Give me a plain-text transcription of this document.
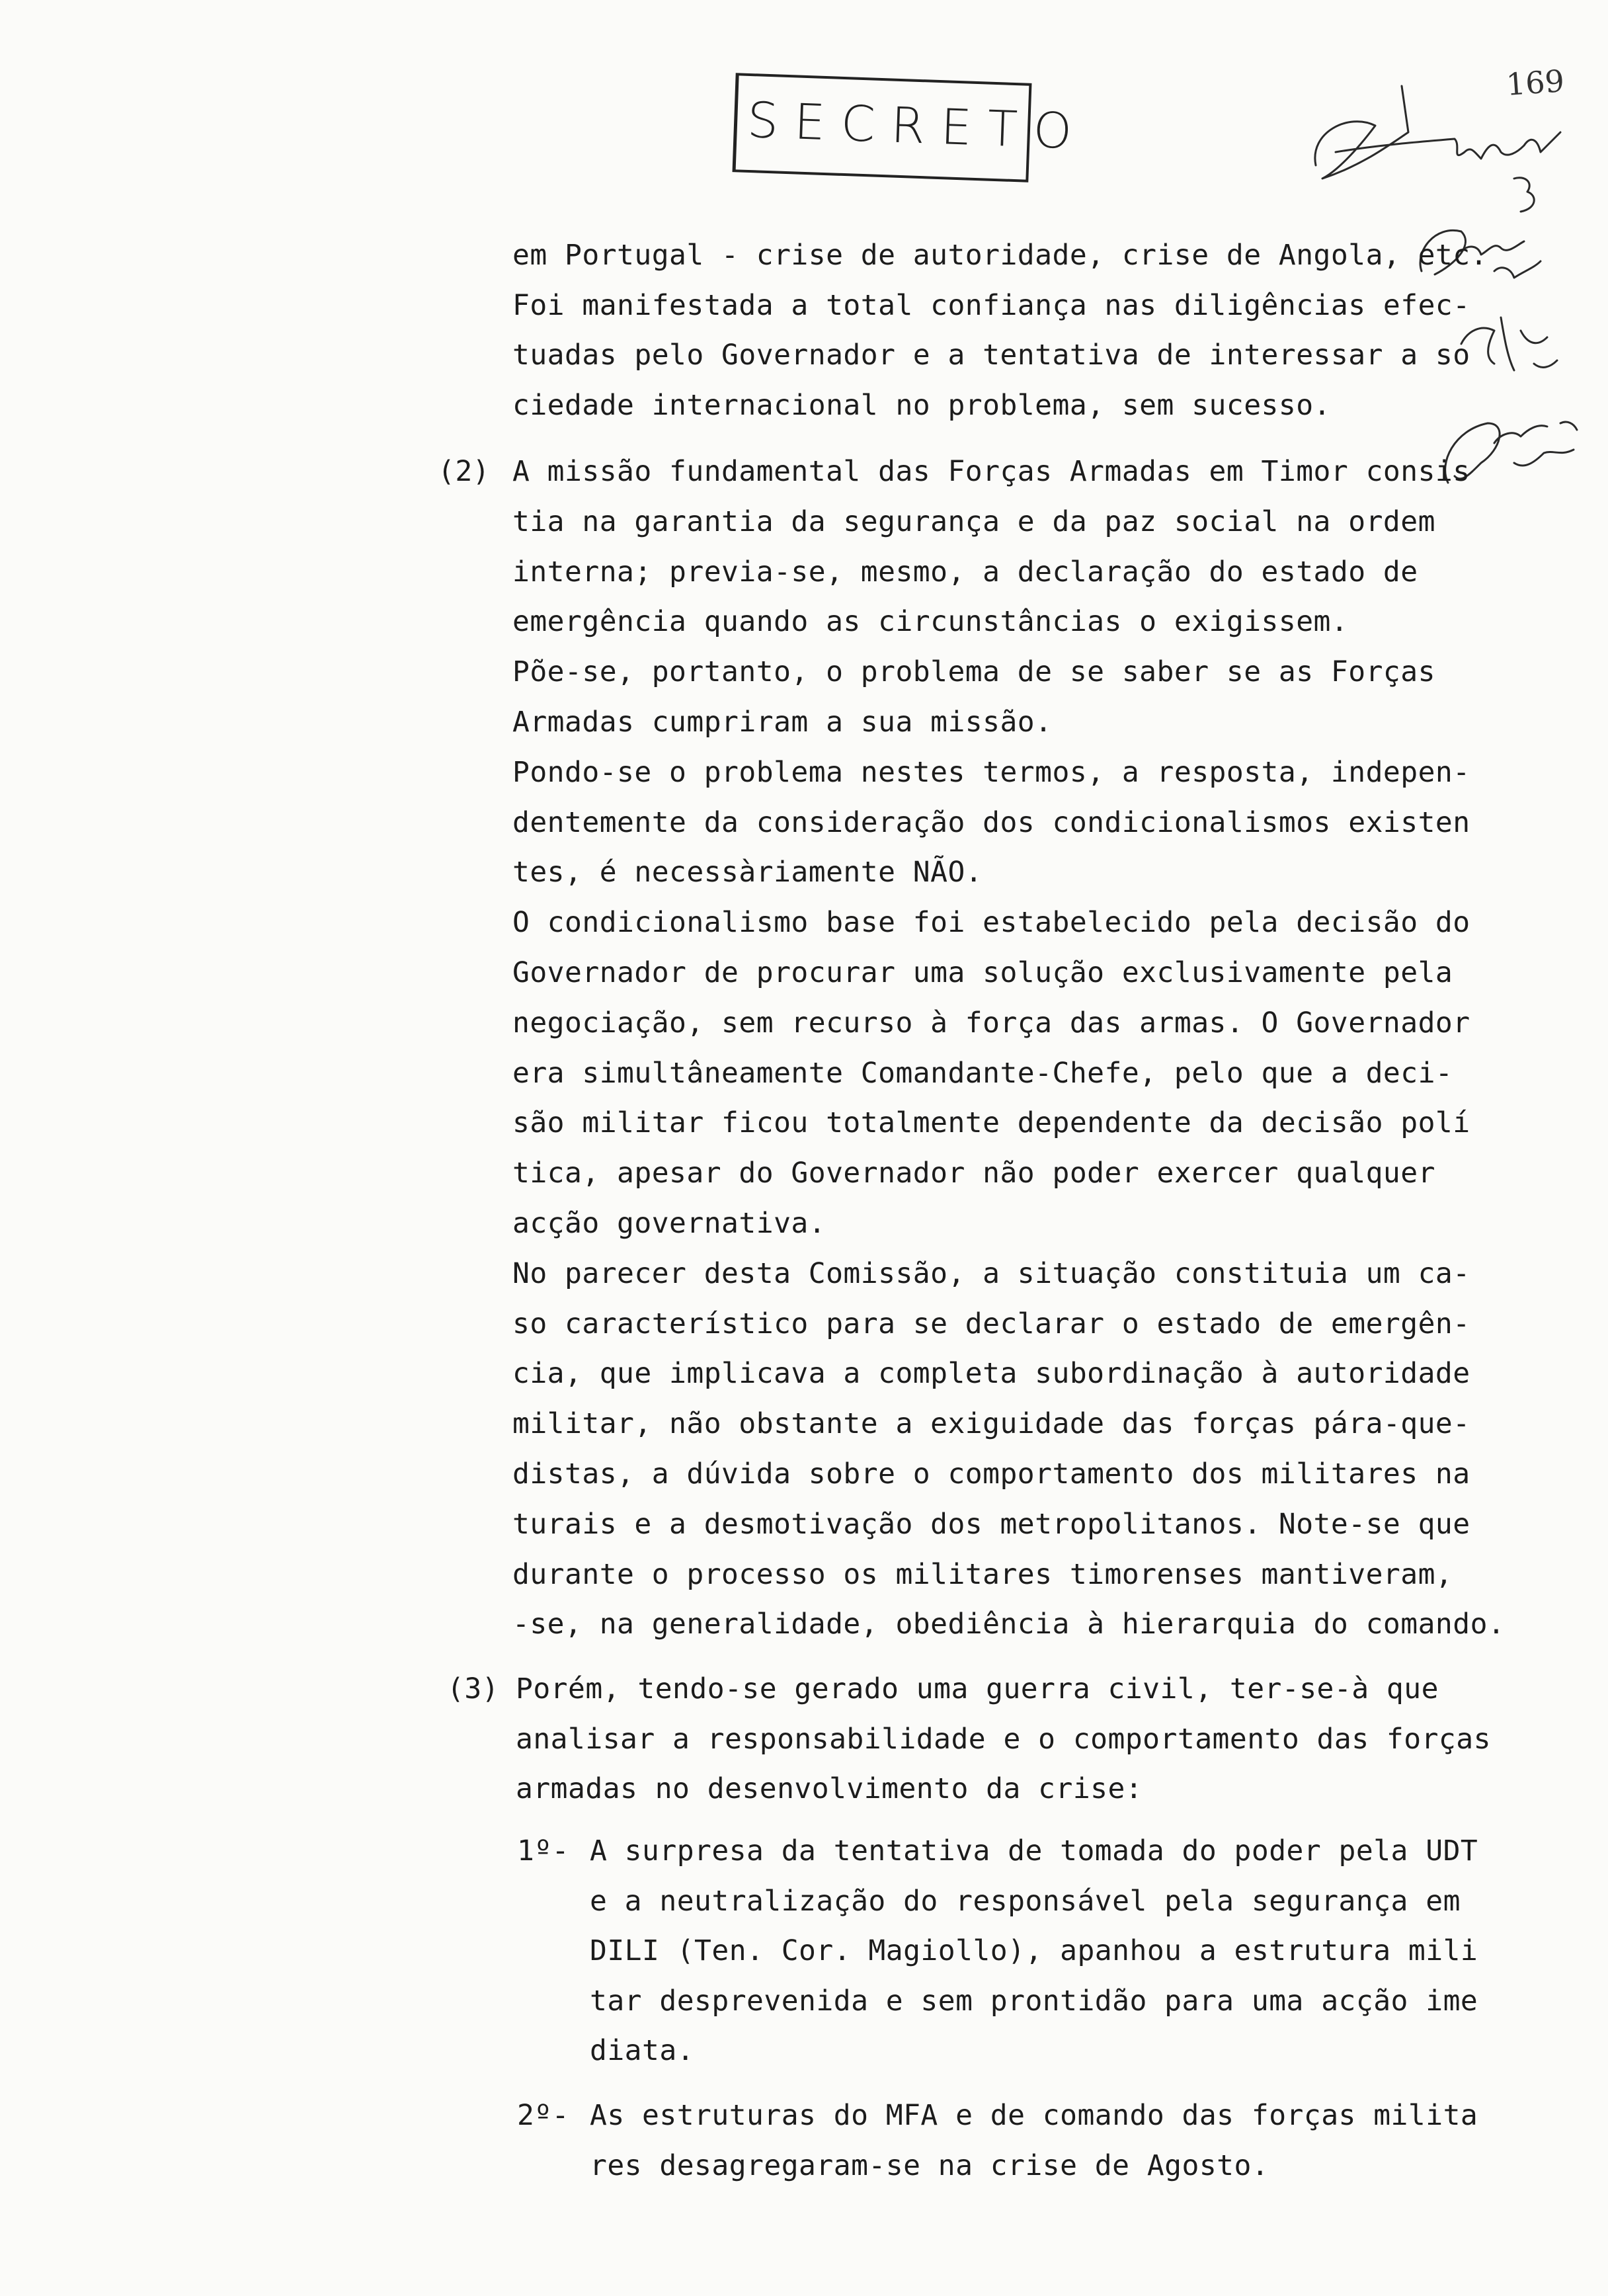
SECRETO
169
em Portugal - crise de autoridade, crise de Angola, etc.
Foi manifestada a total confiança nas diligências efec-
tuadas pelo Governador e a tentativa de interessar a so
ciedade internacional no problema, sem sucesso.
(2) A missão fundamental das Forças Armadas em Timor consis
tia na garantia da segurança e da paz social na ordem
interna; previa-se, mesmo, a declaração do estado de
emergência quando as circunstâncias o exigissem.
Põe-se, portanto, o problema de se saber se as Forças
Armadas cumpriram a sua missão.
Pondo-se o problema nestes termos, a resposta, indepen-
dentemente da consideração dos condicionalismos existen
tes, é necessàriamente NÃO.
O condicionalismo base foi estabelecido pela decisão do
Governador de procurar uma solução exclusivamente pela
negociação, sem recurso à força das armas. O Governador
era simultâneamente Comandante-Chefe, pelo que a deci-
são militar ficou totalmente dependente da decisão polí
tica, apesar do Governador não poder exercer qualquer
acção governativa.
No parecer desta Comissão, a situação constituia um ca-
so característico para se declarar o estado de emergên-
cia, que implicava a completa subordinação à autoridade
militar, não obstante a exiguidade das forças pára-que-
distas, a dúvida sobre o comportamento dos militares na
turais e a desmotivação dos metropolitanos. Note-se que
durante o processo os militares timorenses mantiveram,
-se, na generalidade, obediência à hierarquia do comando.
(3) Porém, tendo-se gerado uma guerra civil, ter-se-à que
analisar a responsabilidade e o comportamento das forças
armadas no desenvolvimento da crise:
1º- A surpresa da tentativa de tomada do poder pela UDT
e a neutralização do responsável pela segurança em
DILI (Ten. Cor. Magiollo), apanhou a estrutura mili
tar desprevenida e sem prontidão para uma acção ime
diata.
2º- As estruturas do MFA e de comando das forças milita
res desagregaram-se na crise de Agosto.
